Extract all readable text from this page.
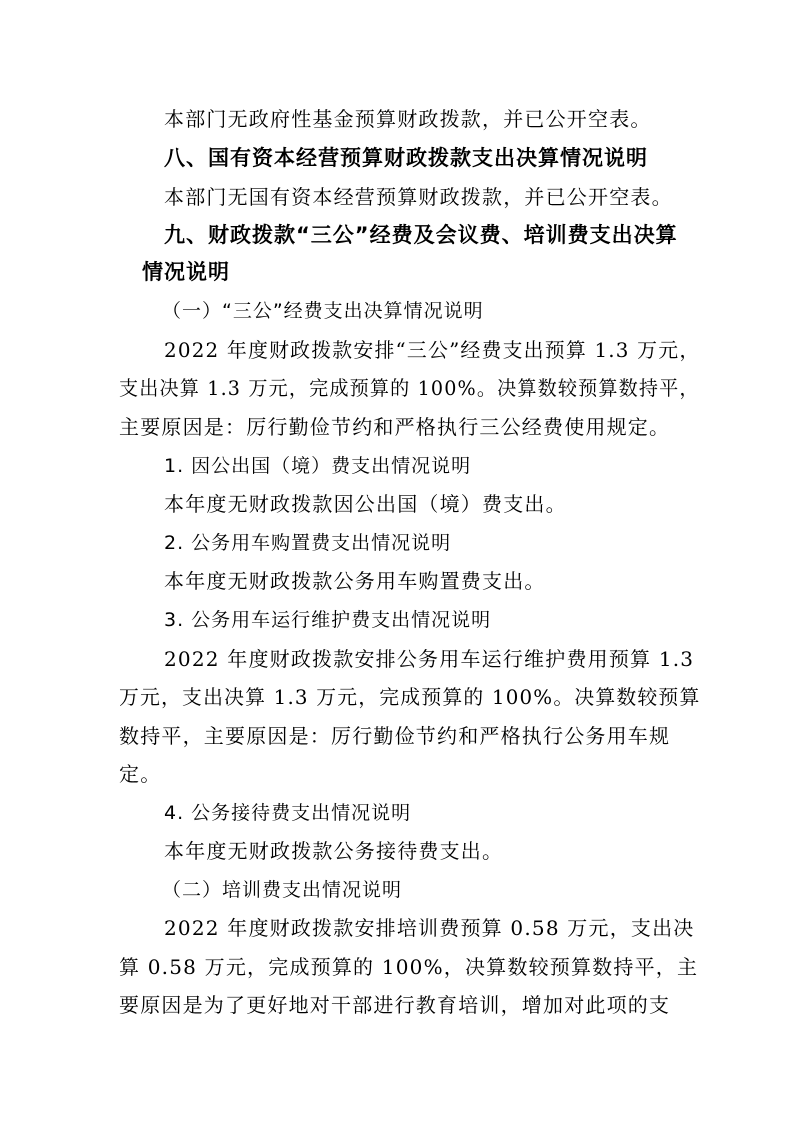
本部门无政府性基金预算财政拨款，并已公开空表。
八、国有资本经营预算财政拨款支出决算情况说明
本部门无国有资本经营预算财政拨款，并已公开空表。
九、财政拨款“三公”经费及会议费、培训费支出决算
情况说明
（一）“三公”经费支出决算情况说明
2022 年度财政拨款安排“三公”经费支出预算 1.3 万元，
支出决算 1.3 万元，完成预算的 100%。决算数较预算数持平，
主要原因是：厉行勤俭节约和严格执行三公经费使用规定。
1. 因公出国（境）费支出情况说明
本年度无财政拨款因公出国（境）费支出。
2. 公务用车购置费支出情况说明
本年度无财政拨款公务用车购置费支出。
3. 公务用车运行维护费支出情况说明
2022 年度财政拨款安排公务用车运行维护费用预算 1.3
万元，支出决算 1.3 万元，完成预算的 100%。决算数较预算
数持平，主要原因是：厉行勤俭节约和严格执行公务用车规
定。
4. 公务接待费支出情况说明
本年度无财政拨款公务接待费支出。
（二）培训费支出情况说明
2022 年度财政拨款安排培训费预算 0.58 万元，支出决
算 0.58 万元，完成预算的 100%，决算数较预算数持平，主
要原因是为了更好地对干部进行教育培训，增加对此项的支
